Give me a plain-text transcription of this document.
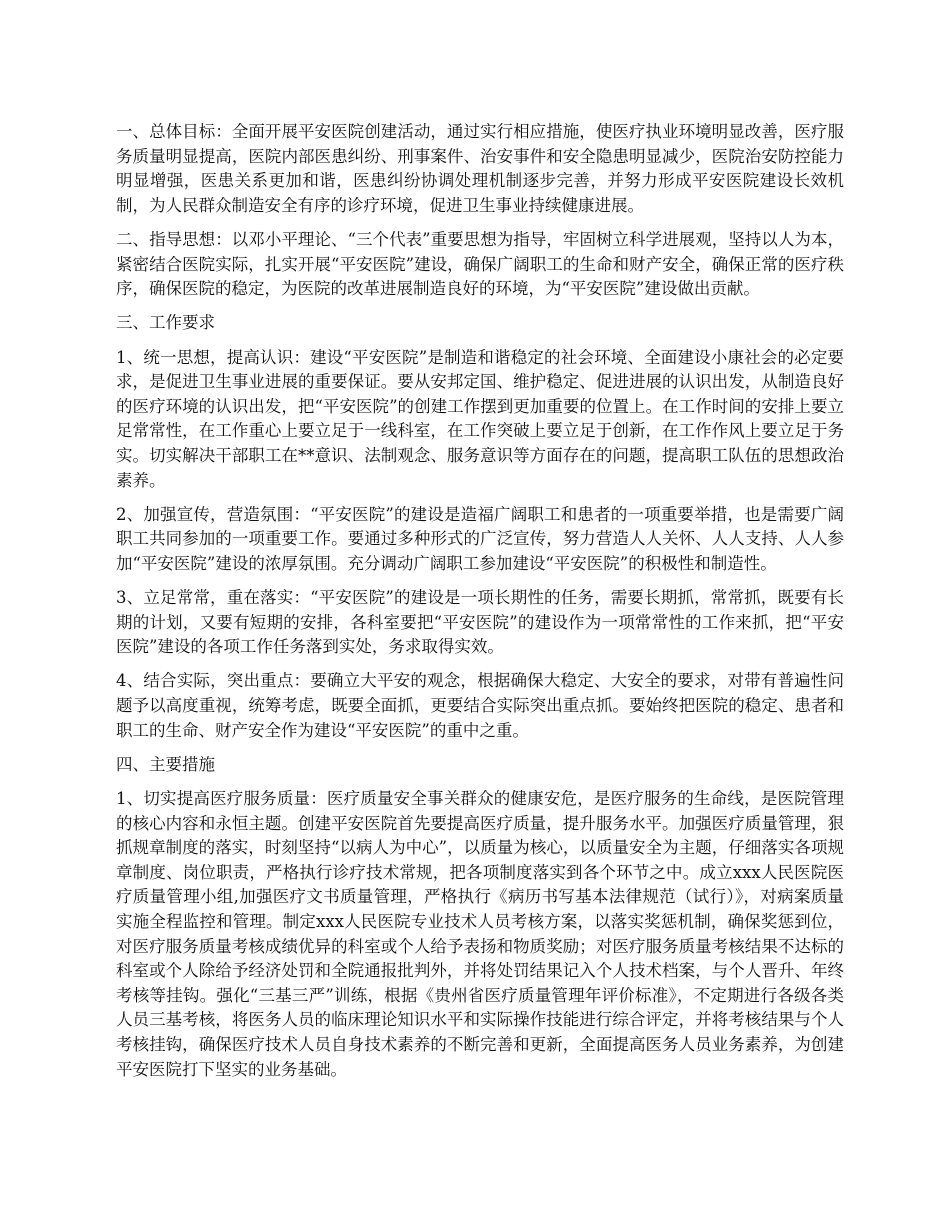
一、总体目标：全面开展平安医院创建活动，通过实行相应措施，使医疗执业环境明显改善，医疗服务质量明显提高，医院内部医患纠纷、刑事案件、治安事件和安全隐患明显减少，医院治安防控能力明显增强，医患关系更加和谐，医患纠纷协调处理机制逐步完善，并努力形成平安医院建设长效机制，为人民群众制造安全有序的诊疗环境，促进卫生事业持续健康进展。

二、指导思想：以邓小平理论、“三个代表”重要思想为指导，牢固树立科学进展观，坚持以人为本，紧密结合医院实际，扎实开展“平安医院”建设，确保广阔职工的生命和财产安全，确保正常的医疗秩序，确保医院的稳定，为医院的改革进展制造良好的环境，为“平安医院”建设做出贡献。

三、工作要求

1、统一思想，提高认识：建设“平安医院”是制造和谐稳定的社会环境、全面建设小康社会的必定要求，是促进卫生事业进展的重要保证。要从安邦定国、维护稳定、促进进展的认识出发，从制造良好的医疗环境的认识出发，把“平安医院”的创建工作摆到更加重要的位置上。在工作时间的安排上要立足常常性，在工作重心上要立足于一线科室，在工作突破上要立足于创新，在工作作风上要立足于务实。切实解决干部职工在**意识、法制观念、服务意识等方面存在的问题，提高职工队伍的思想政治素养。

2、加强宣传，营造氛围：“平安医院”的建设是造福广阔职工和患者的一项重要举措，也是需要广阔职工共同参加的一项重要工作。要通过多种形式的广泛宣传，努力营造人人关怀、人人支持、人人参加“平安医院”建设的浓厚氛围。充分调动广阔职工参加建设“平安医院”的积极性和制造性。

3、立足常常，重在落实：“平安医院”的建设是一项长期性的任务，需要长期抓，常常抓，既要有长期的计划，又要有短期的安排，各科室要把“平安医院”的建设作为一项常常性的工作来抓，把“平安医院”建设的各项工作任务落到实处，务求取得实效。

4、结合实际，突出重点：要确立大平安的观念，根据确保大稳定、大安全的要求，对带有普遍性问题予以高度重视，统筹考虑，既要全面抓，更要结合实际突出重点抓。要始终把医院的稳定、患者和职工的生命、财产安全作为建设“平安医院”的重中之重。

四、主要措施

1、切实提高医疗服务质量：医疗质量安全事关群众的健康安危，是医疗服务的生命线，是医院管理的核心内容和永恒主题。创建平安医院首先要提高医疗质量，提升服务水平。加强医疗质量管理，狠抓规章制度的落实，时刻坚持“以病人为中心”，以质量为核心，以质量安全为主题，仔细落实各项规章制度、岗位职责，严格执行诊疗技术常规，把各项制度落实到各个环节之中。成立xxx人民医院医疗质量管理小组,加强医疗文书质量管理，严格执行《病历书写基本法律规范（试行）》，对病案质量实施全程监控和管理。制定xxx人民医院专业技术人员考核方案，以落实奖惩机制，确保奖惩到位，对医疗服务质量考核成绩优异的科室或个人给予表扬和物质奖励；对医疗服务质量考核结果不达标的科室或个人除给予经济处罚和全院通报批判外，并将处罚结果记入个人技术档案，与个人晋升、年终考核等挂钩。强化“三基三严”训练，根据《贵州省医疗质量管理年评价标准》，不定期进行各级各类人员三基考核，将医务人员的临床理论知识水平和实际操作技能进行综合评定，并将考核结果与个人考核挂钩，确保医疗技术人员自身技术素养的不断完善和更新，全面提高医务人员业务素养，为创建平安医院打下坚实的业务基础。
